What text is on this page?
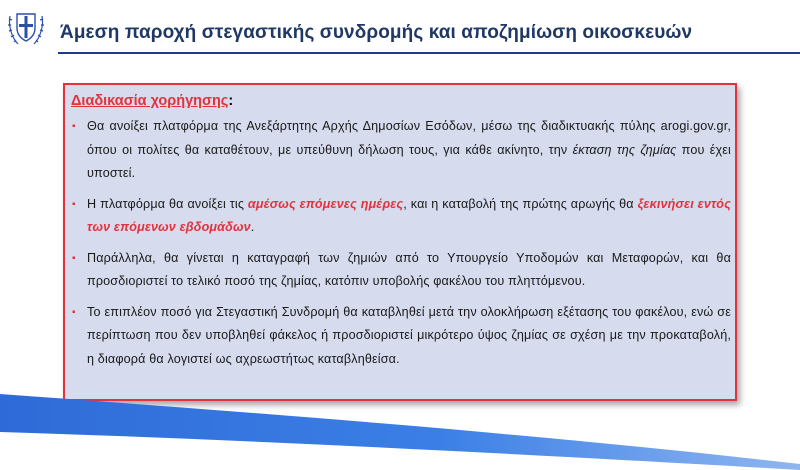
Άμεση παροχή στεγαστικής συνδρομής και αποζημίωση οικοσκευών
Διαδικασία χορήγησης:
▪ Θα ανοίξει πλατφόρμα της Ανεξάρτητης Αρχής Δημοσίων Εσόδων, μέσω της διαδικτυακής πύλης arogi.gov.gr, όπου οι πολίτες θα καταθέτουν, με υπεύθυνη δήλωση τους, για κάθε ακίνητο, την έκταση της ζημίας που έχει υποστεί.
▪ Η πλατφόρμα θα ανοίξει τις αμέσως επόμενες ημέρες, και η καταβολή της πρώτης αρωγής θα ξεκινήσει εντός των επόμενων εβδομάδων.
▪ Παράλληλα, θα γίνεται η καταγραφή των ζημιών από το Υπουργείο Υποδομών και Μεταφορών, και θα προσδιοριστεί το τελικό ποσό της ζημίας, κατόπιν υποβολής φακέλου του πληττόμενου.
▪ Το επιπλέον ποσό για Στεγαστική Συνδρομή θα καταβληθεί μετά την ολοκλήρωση εξέτασης του φακέλου, ενώ σε περίπτωση που δεν υποβληθεί φάκελος ή προσδιοριστεί μικρότερο ύψος ζημίας σε σχέση με την προκαταβολή, η διαφορά θα λογιστεί ως αχρεωστήτως καταβληθείσα.
